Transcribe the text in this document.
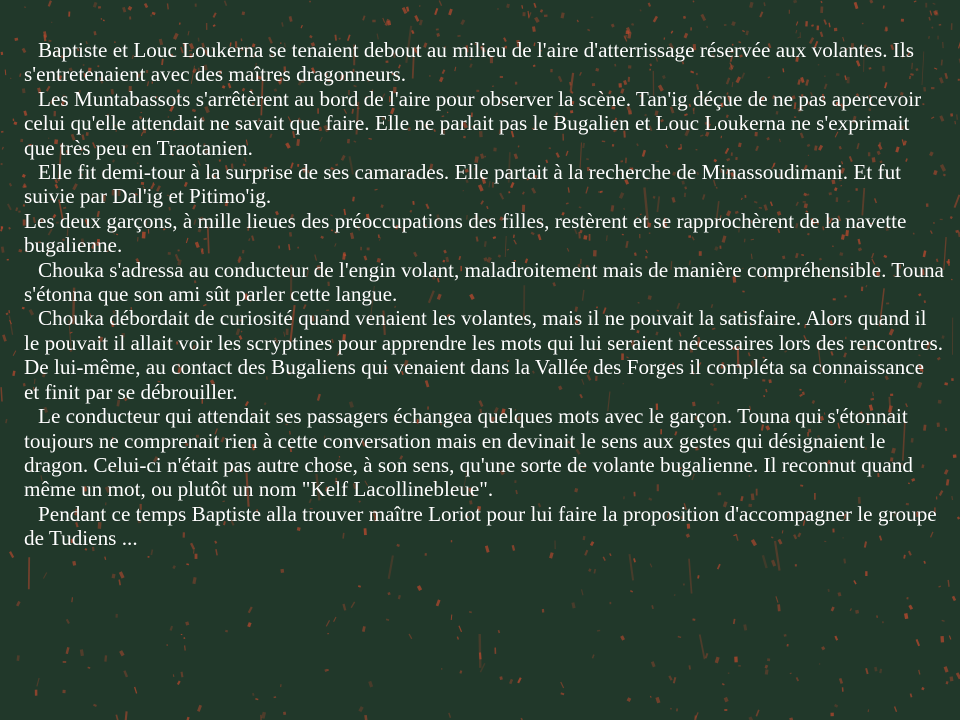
Baptiste et Louc Loukerna se tenaient debout au milieu de l'aire d'atterrissage réservée aux volantes. Ils s'entretenaient avec des maîtres dragonneurs.

Les Muntabassots s'arrêtèrent au bord de l'aire pour observer la scène. Tan'ig déçue de ne pas apercevoir celui qu'elle attendait ne savait que faire. Elle ne parlait pas le Bugalien et Louc Loukerna ne s'exprimait que très peu en Traotanien.

Elle fit demi-tour à la surprise de ses camarades. Elle partait à la recherche de Minassoudimani. Et fut suivie par Dal'ig et Pitimo'ig.

Les deux garçons, à mille lieues des préoccupations des filles, restèrent et se rapprochèrent de la navette bugalienne.

Chouka s'adressa au conducteur de l'engin volant, maladroitement mais de manière compréhensible. Touna s'étonna que son ami sût parler cette langue.

Chouka débordait de curiosité quand venaient les volantes, mais il ne pouvait la satisfaire. Alors quand il le pouvait il allait voir les scryptines pour apprendre les mots qui lui seraient nécessaires lors des rencontres. De lui-même, au contact des Bugaliens qui venaient dans la Vallée des Forges il compléta sa connaissance et finit par se débrouiller.

Le conducteur qui attendait ses passagers échangea quelques mots avec le garçon. Touna qui s'étonnait toujours ne comprenait rien à cette conversation mais en devinait le sens aux gestes qui désignaient le dragon. Celui-ci n'était pas autre chose, à son sens, qu'une sorte de volante bugalienne. Il reconnut quand même un mot, ou plutôt un nom "Kelf Lacollinebleue".

Pendant ce temps Baptiste alla trouver maître Loriot pour lui faire la proposition d'accompagner le groupe de Tudiens ...
